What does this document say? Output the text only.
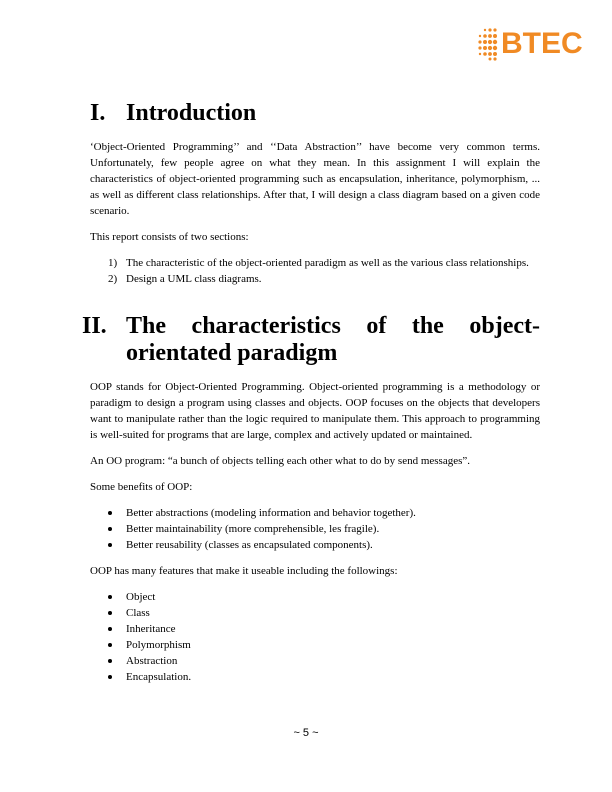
BTEC
I. Introduction

‘Object-Oriented Programming’’ and ‘‘Data Abstraction’’ have become very common terms. Unfortunately, few people agree on what they mean. In this assignment I will explain the characteristics of object-oriented programming such as encapsulation, inheritance, polymorphism, ... as well as different class relationships. After that, I will design a class diagram based on a given code scenario.

This report consists of two sections:

1) The characteristic of the object-oriented paradigm as well as the various class relationships.
2) Design a UML class diagrams.
II. The characteristics of the object-
orientated paradigm

OOP stands for Object-Oriented Programming. Object-oriented programming is a methodology or paradigm to design a program using classes and objects. OOP focuses on the objects that developers want to manipulate rather than the logic required to manipulate them. This approach to programming is well-suited for programs that are large, complex and actively updated or maintained.

An OO program: “a bunch of objects telling each other what to do by send messages”.

Some benefits of OOP:

Better abstractions (modeling information and behavior together).
Better maintainability (more comprehensible, les fragile).
Better reusability (classes as encapsulated components).

OOP has many features that make it useable including the followings:

Object
Class
Inheritance
Polymorphism
Abstraction
Encapsulation.
~ 5 ~
